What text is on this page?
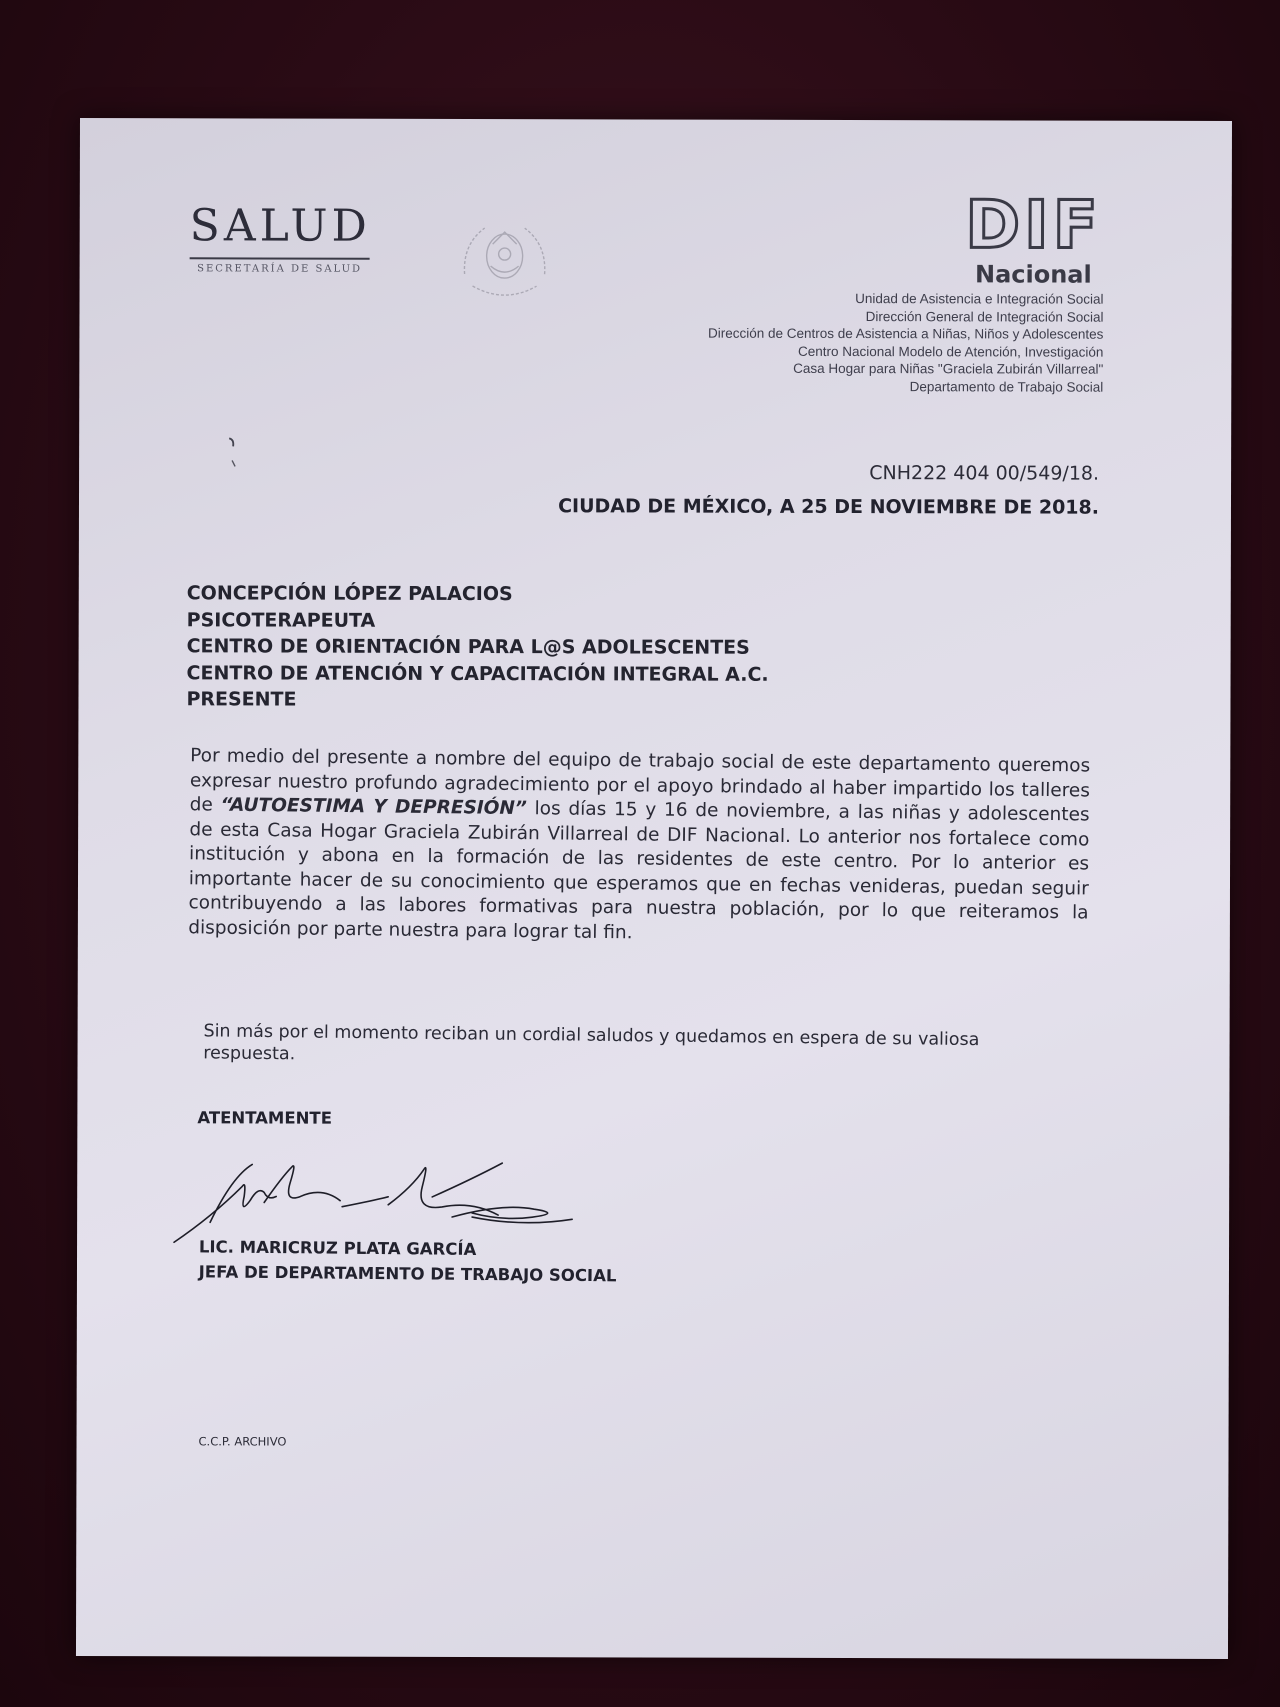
SALUD
SECRETARÍA DE SALUD
DIF
Nacional
Unidad de Asistencia e Integración Social
Dirección General de Integración Social
Dirección de Centros de Asistencia a Niñas, Niños y Adolescentes
Centro Nacional Modelo de Atención, Investigación
Casa Hogar para Niñas "Graciela Zubirán Villarreal"
Departamento de Trabajo Social
CNH222 404 00/549/18.
CIUDAD DE MÉXICO, A 25 DE NOVIEMBRE DE 2018.
CONCEPCIÓN LÓPEZ PALACIOS
PSICOTERAPEUTA
CENTRO DE ORIENTACIÓN PARA L@S ADOLESCENTES
CENTRO DE ATENCIÓN Y CAPACITACIÓN INTEGRAL A.C.
PRESENTE
Por medio del presente a nombre del equipo de trabajo social de este departamento queremos expresar nuestro profundo agradecimiento por el apoyo brindado al haber impartido los talleres de “AUTOESTIMA Y DEPRESIÓN” los días 15 y 16 de noviembre, a las niñas y adolescentes de esta Casa Hogar Graciela Zubirán Villarreal de DIF Nacional. Lo anterior nos fortalece como institución y abona en la formación de las residentes de este centro. Por lo anterior es importante hacer de su conocimiento que esperamos que en fechas venideras, puedan seguir contribuyendo a las labores formativas para nuestra población, por lo que reiteramos la disposición por parte nuestra para lograr tal fin.
Sin más por el momento reciban un cordial saludos y quedamos en espera de su valiosa respuesta.
ATENTAMENTE
LIC. MARICRUZ PLATA GARCÍA
JEFA DE DEPARTAMENTO DE TRABAJO SOCIAL
C.C.P. ARCHIVO
